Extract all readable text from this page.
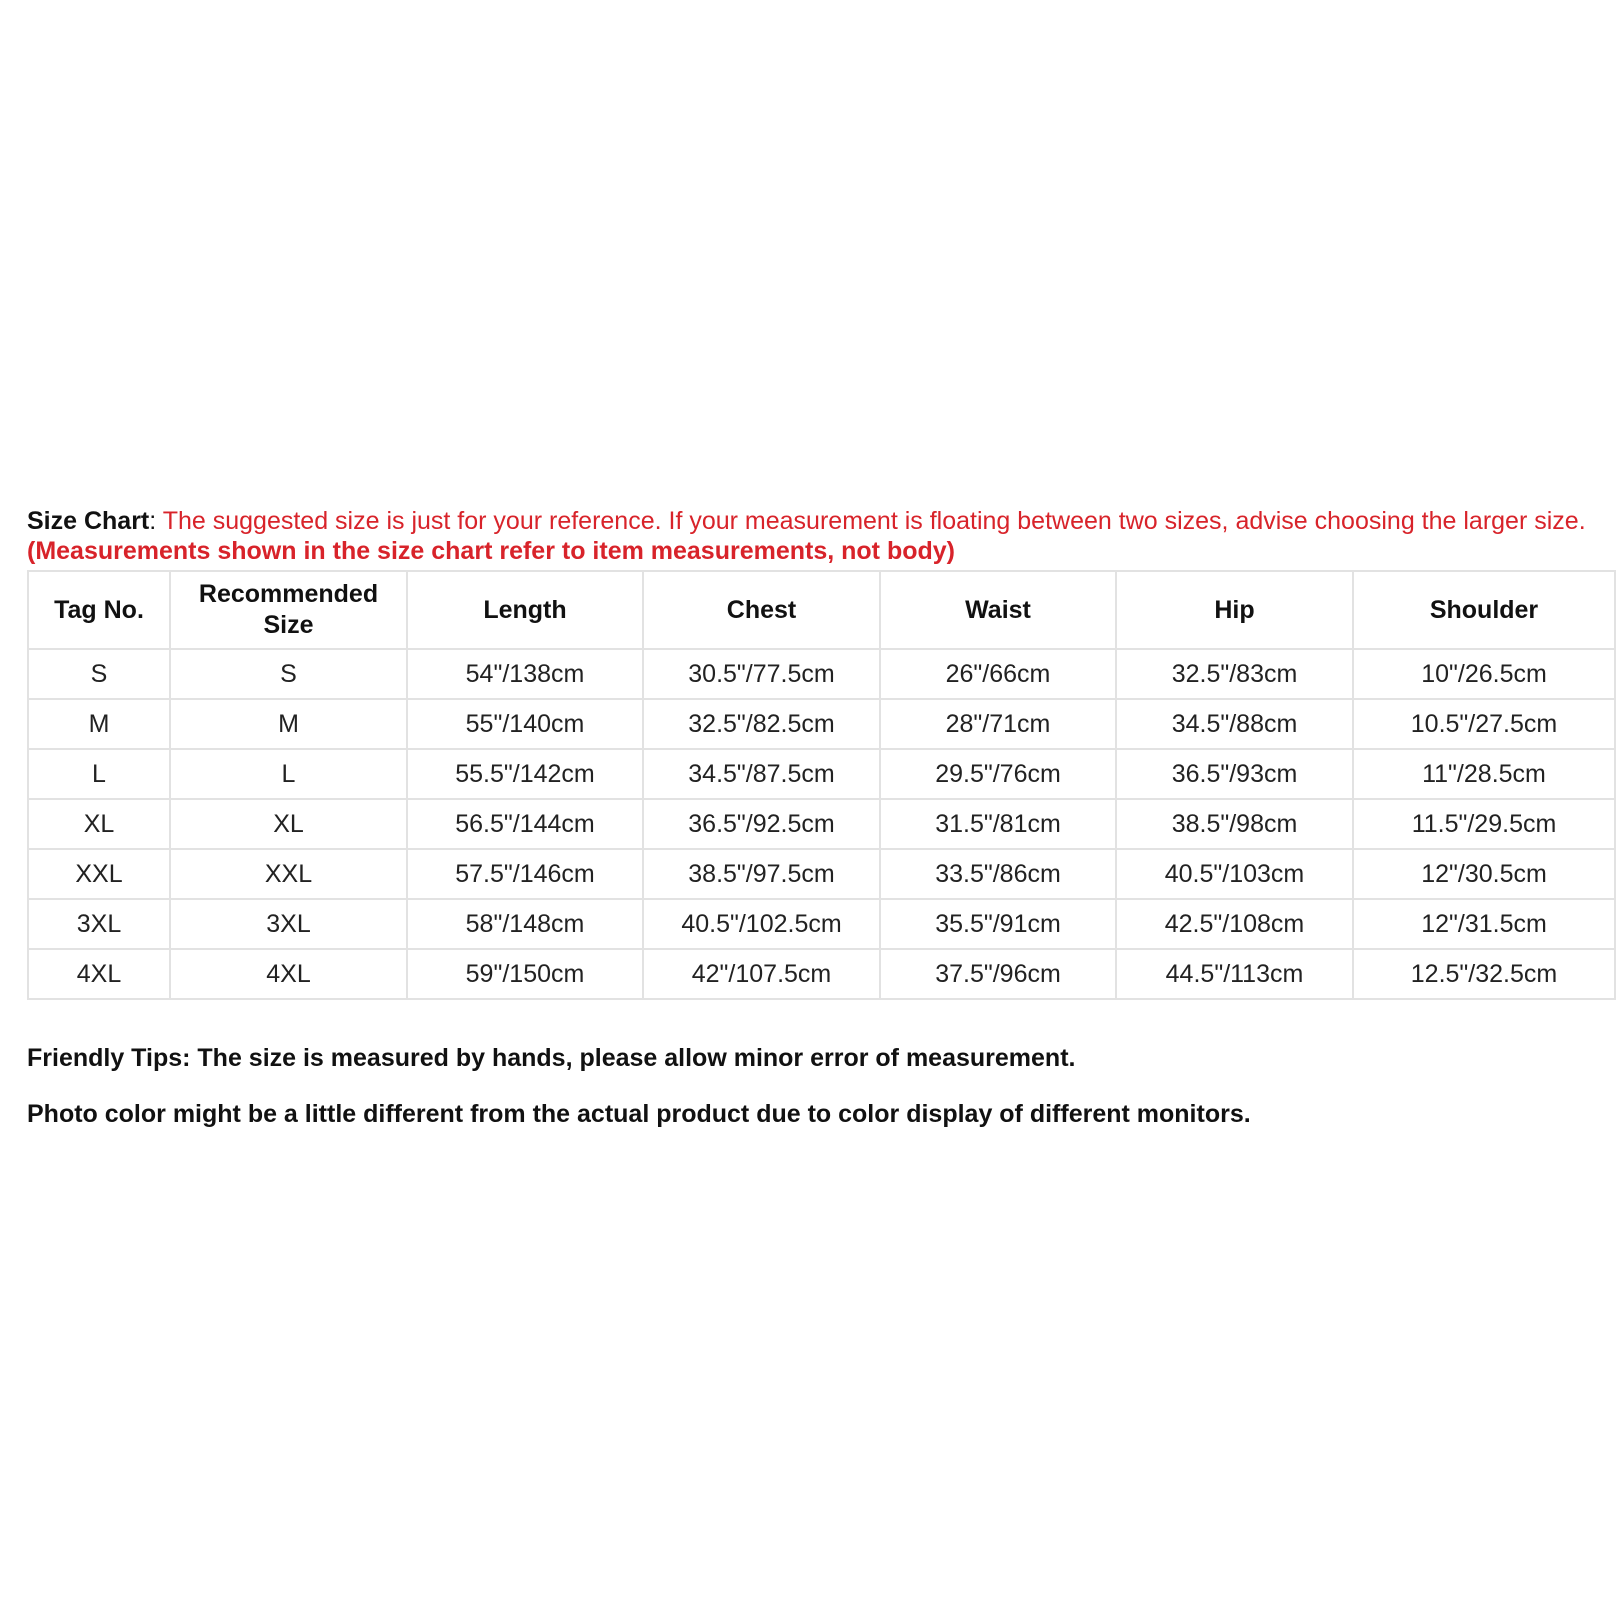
Size Chart: The suggested size is just for your reference. If your measurement is floating between two sizes, advise choosing the larger size. (Measurements shown in the size chart refer to item measurements, not body)

Tag No.	Recommended Size	Length	Chest	Waist	Hip	Shoulder
S	S	54"/138cm	30.5"/77.5cm	26"/66cm	32.5"/83cm	10"/26.5cm
M	M	55"/140cm	32.5"/82.5cm	28"/71cm	34.5"/88cm	10.5"/27.5cm
L	L	55.5"/142cm	34.5"/87.5cm	29.5"/76cm	36.5"/93cm	11"/28.5cm
XL	XL	56.5"/144cm	36.5"/92.5cm	31.5"/81cm	38.5"/98cm	11.5"/29.5cm
XXL	XXL	57.5"/146cm	38.5"/97.5cm	33.5"/86cm	40.5"/103cm	12"/30.5cm
3XL	3XL	58"/148cm	40.5"/102.5cm	35.5"/91cm	42.5"/108cm	12"/31.5cm
4XL	4XL	59"/150cm	42"/107.5cm	37.5"/96cm	44.5"/113cm	12.5"/32.5cm

Friendly Tips: The size is measured by hands, please allow minor error of measurement.

Photo color might be a little different from the actual product due to color display of different monitors.
